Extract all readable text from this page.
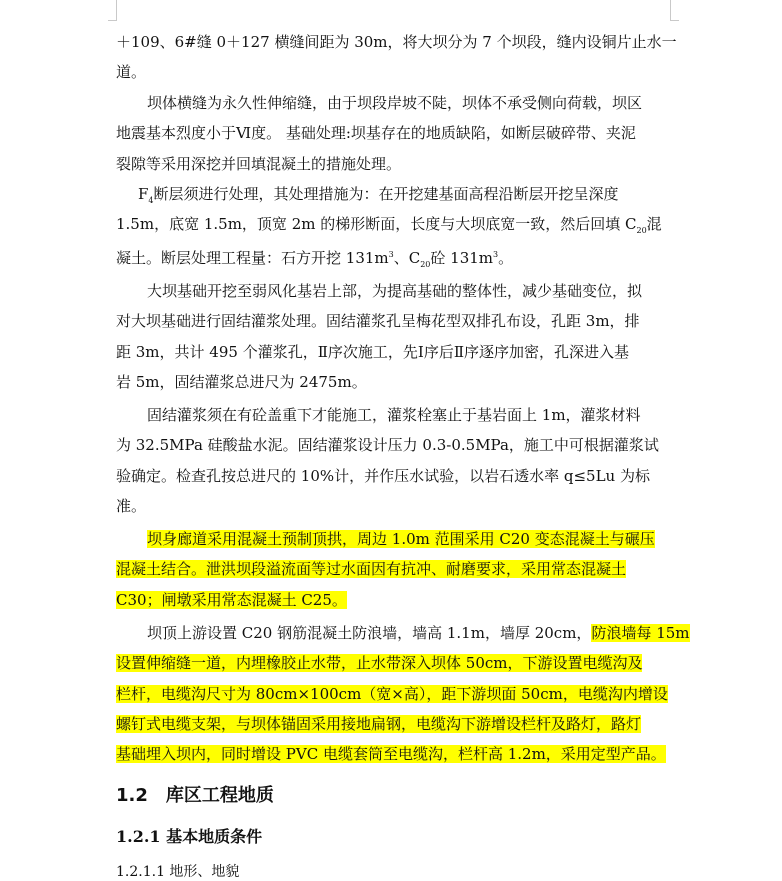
＋109、6#缝 0＋127 横缝间距为 30m，将大坝分为 7 个坝段，缝内设铜片止水一
道。
坝体横缝为永久性伸缩缝，由于坝段岸坡不陡，坝体不承受侧向荷载，坝区
地震基本烈度小于Ⅵ度。 基础处理:坝基存在的地质缺陷，如断层破碎带、夹泥
裂隙等采用深挖并回填混凝土的措施处理。
$F_4$断层须进行处理，其处理措施为：在开挖建基面高程沿断层开挖呈深度
1.5m，底宽 1.5m，顶宽 2m 的梯形断面，长度与大坝底宽一致，然后回填 $C_{20}$混
凝土。断层处理工程量：石方开挖 $131m^3$、$C_{20}$砼 $131m^3$。
大坝基础开挖至弱风化基岩上部，为提高基础的整体性，减少基础变位，拟
对大坝基础进行固结灌浆处理。固结灌浆孔呈梅花型双排孔布设，孔距 3m，排
距 3m，共计 495 个灌浆孔，Ⅱ序次施工，先Ⅰ序后Ⅱ序逐序加密，孔深进入基
岩 5m，固结灌浆总进尺为 2475m。
固结灌浆须在有砼盖重下才能施工，灌浆栓塞止于基岩面上 1m，灌浆材料
为 32.5MPa 硅酸盐水泥。固结灌浆设计压力 0.3-0.5MPa，施工中可根据灌浆试
验确定。检查孔按总进尺的 10%计，并作压水试验，以岩石透水率 q≤5Lu 为标
准。
坝身廊道采用混凝土预制顶拱，周边 1.0m 范围采用 C20 变态混凝土与碾压
混凝土结合。泄洪坝段溢流面等过水面因有抗冲、耐磨要求，采用常态混凝土
C30；闸墩采用常态混凝土 C25。
坝顶上游设置 C20 钢筋混凝土防浪墙，墙高 1.1m，墙厚 20cm，防浪墙每 15m
设置伸缩缝一道，内埋橡胶止水带，止水带深入坝体 50cm，下游设置电缆沟及
栏杆，电缆沟尺寸为 80cm×100cm（宽×高），距下游坝面 50cm，电缆沟内增设
螺钉式电缆支架，与坝体锚固采用接地扁钢，电缆沟下游增设栏杆及路灯，路灯
基础埋入坝内，同时增设 PVC 电缆套筒至电缆沟，栏杆高 1.2m，采用定型产品。
1.2 库区工程地质
1.2.1 基本地质条件
1.2.1.1 地形、地貌
